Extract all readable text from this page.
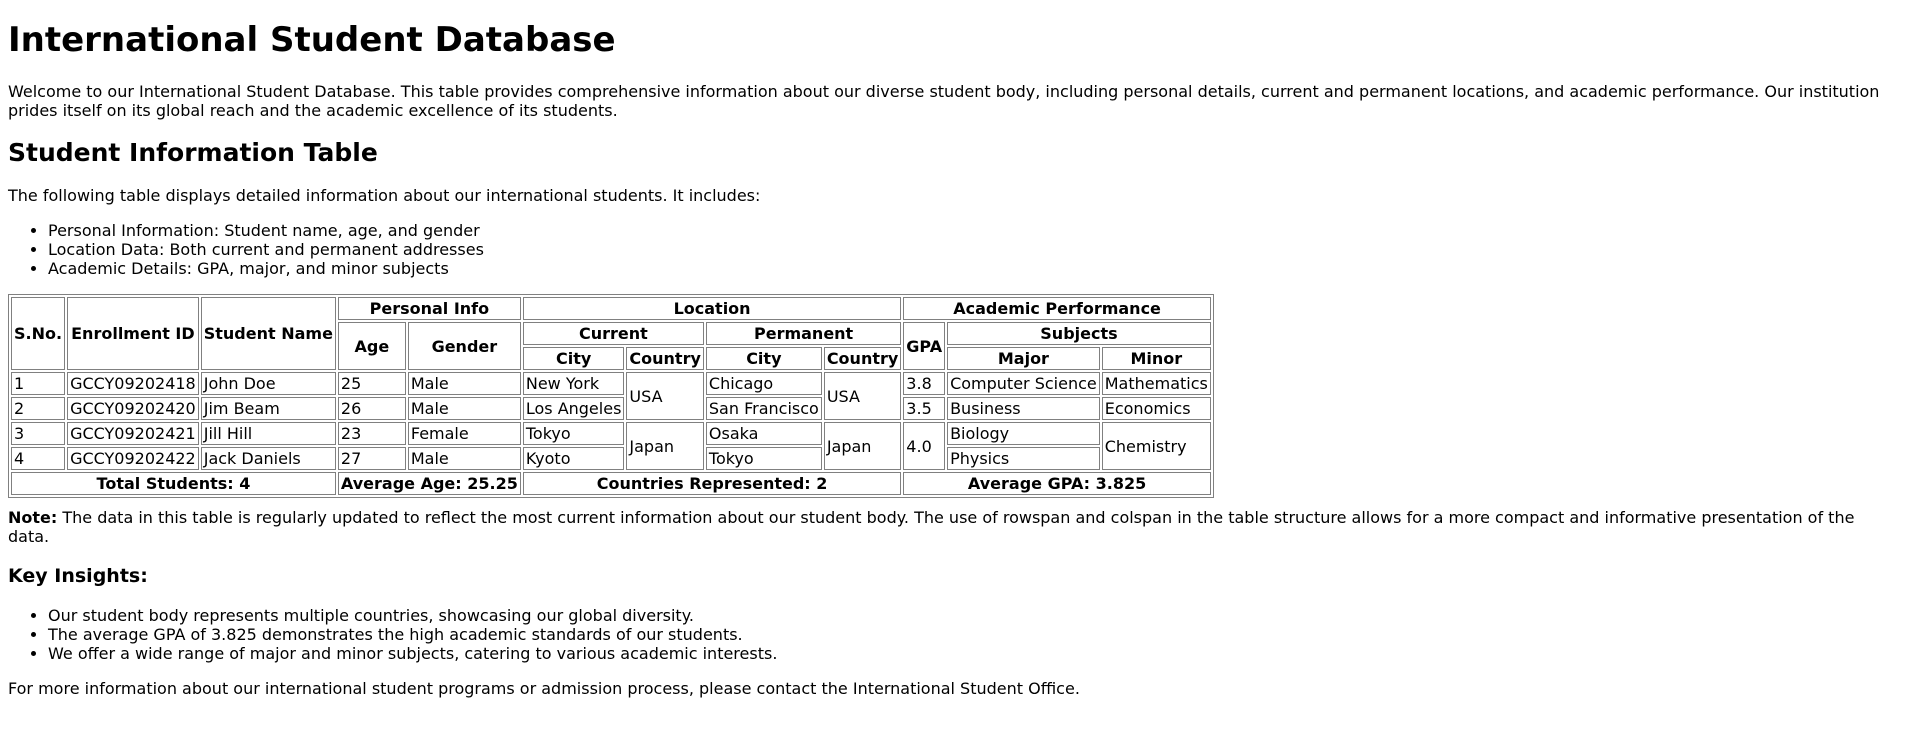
International Student Database

Welcome to our International Student Database. This table provides comprehensive information about our diverse student body, including personal details, current and permanent locations, and academic performance. Our institution prides itself on its global reach and the academic excellence of its students.

Student Information Table

The following table displays detailed information about our international students. It includes:

• Personal Information: Student name, age, and gender
• Location Data: Both current and permanent addresses
• Academic Details: GPA, major, and minor subjects
S.No.	Enrollment ID	Student Name	Personal Info		Location				Academic Performance		
			Age	Gender	Current		Permanent		GPA	Subjects	
					City	Country	City	Country		Major	Minor
1	GCCY09202418	John Doe	25	Male	New York	USA	Chicago	USA	3.8	Computer Science	Mathematics
2	GCCY09202420	Jim Beam	26	Male	Los Angeles		San Francisco		3.5	Business	Economics
3	GCCY09202421	Jill Hill	23	Female	Tokyo	Japan	Osaka	Japan	4.0	Biology	Chemistry
4	GCCY09202422	Jack Daniels	27	Male	Kyoto		Tokyo			Physics	
Total Students: 4			Average Age: 25.25		Countries Represented: 2				Average GPA: 3.825		

Note: The data in this table is regularly updated to reflect the most current information about our student body. The use of rowspan and colspan in the table structure allows for a more compact and informative presentation of the data.

Key Insights:
• Our student body represents multiple countries, showcasing our global diversity.
• The average GPA of 3.825 demonstrates the high academic standards of our students.
• We offer a wide range of major and minor subjects, catering to various academic interests.

For more information about our international student programs or admission process, please contact the International Student Office.
